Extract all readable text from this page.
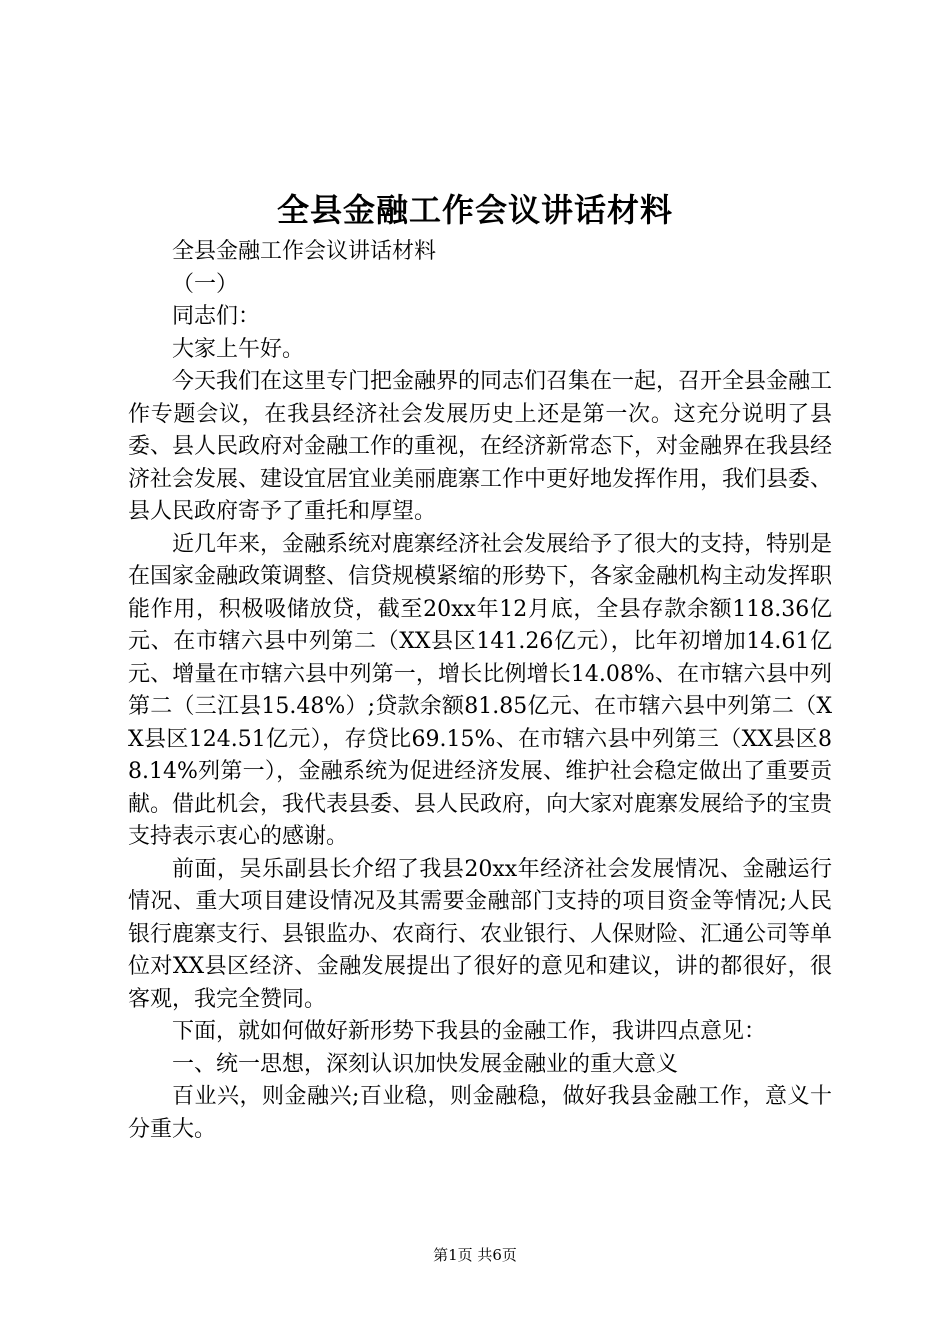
全县金融工作会议讲话材料

全县金融工作会议讲话材料

（一）

同志们：

大家上午好。

今天我们在这里专门把金融界的同志们召集在一起，召开全县金融工作专题会议，在我县经济社会发展历史上还是第一次。这充分说明了县委、县人民政府对金融工作的重视，在经济新常态下，对金融界在我县经济社会发展、建设宜居宜业美丽鹿寨工作中更好地发挥作用，我们县委、县人民政府寄予了重托和厚望。

近几年来，金融系统对鹿寨经济社会发展给予了很大的支持，特别是在国家金融政策调整、信贷规模紧缩的形势下，各家金融机构主动发挥职能作用，积极吸储放贷，截至20xx年12月底，全县存款余额118.36亿元、在市辖六县中列第二（XX县区141.26亿元），比年初增加14.61亿元、增量在市辖六县中列第一，增长比例增长14.08%、在市辖六县中列第二（三江县15.48%）;贷款余额81.85亿元、在市辖六县中列第二（XX县区124.51亿元），存贷比69.15%、在市辖六县中列第三（XX县区88.14%列第一），金融系统为促进经济发展、维护社会稳定做出了重要贡献。借此机会，我代表县委、县人民政府，向大家对鹿寨发展给予的宝贵支持表示衷心的感谢。

前面，吴乐副县长介绍了我县20xx年经济社会发展情况、金融运行情况、重大项目建设情况及其需要金融部门支持的项目资金等情况;人民银行鹿寨支行、县银监办、农商行、农业银行、人保财险、汇通公司等单位对XX县区经济、金融发展提出了很好的意见和建议，讲的都很好，很客观，我完全赞同。

下面，就如何做好新形势下我县的金融工作，我讲四点意见：

一、统一思想，深刻认识加快发展金融业的重大意义

百业兴，则金融兴;百业稳，则金融稳，做好我县金融工作，意义十分重大。

第1页 共6页
